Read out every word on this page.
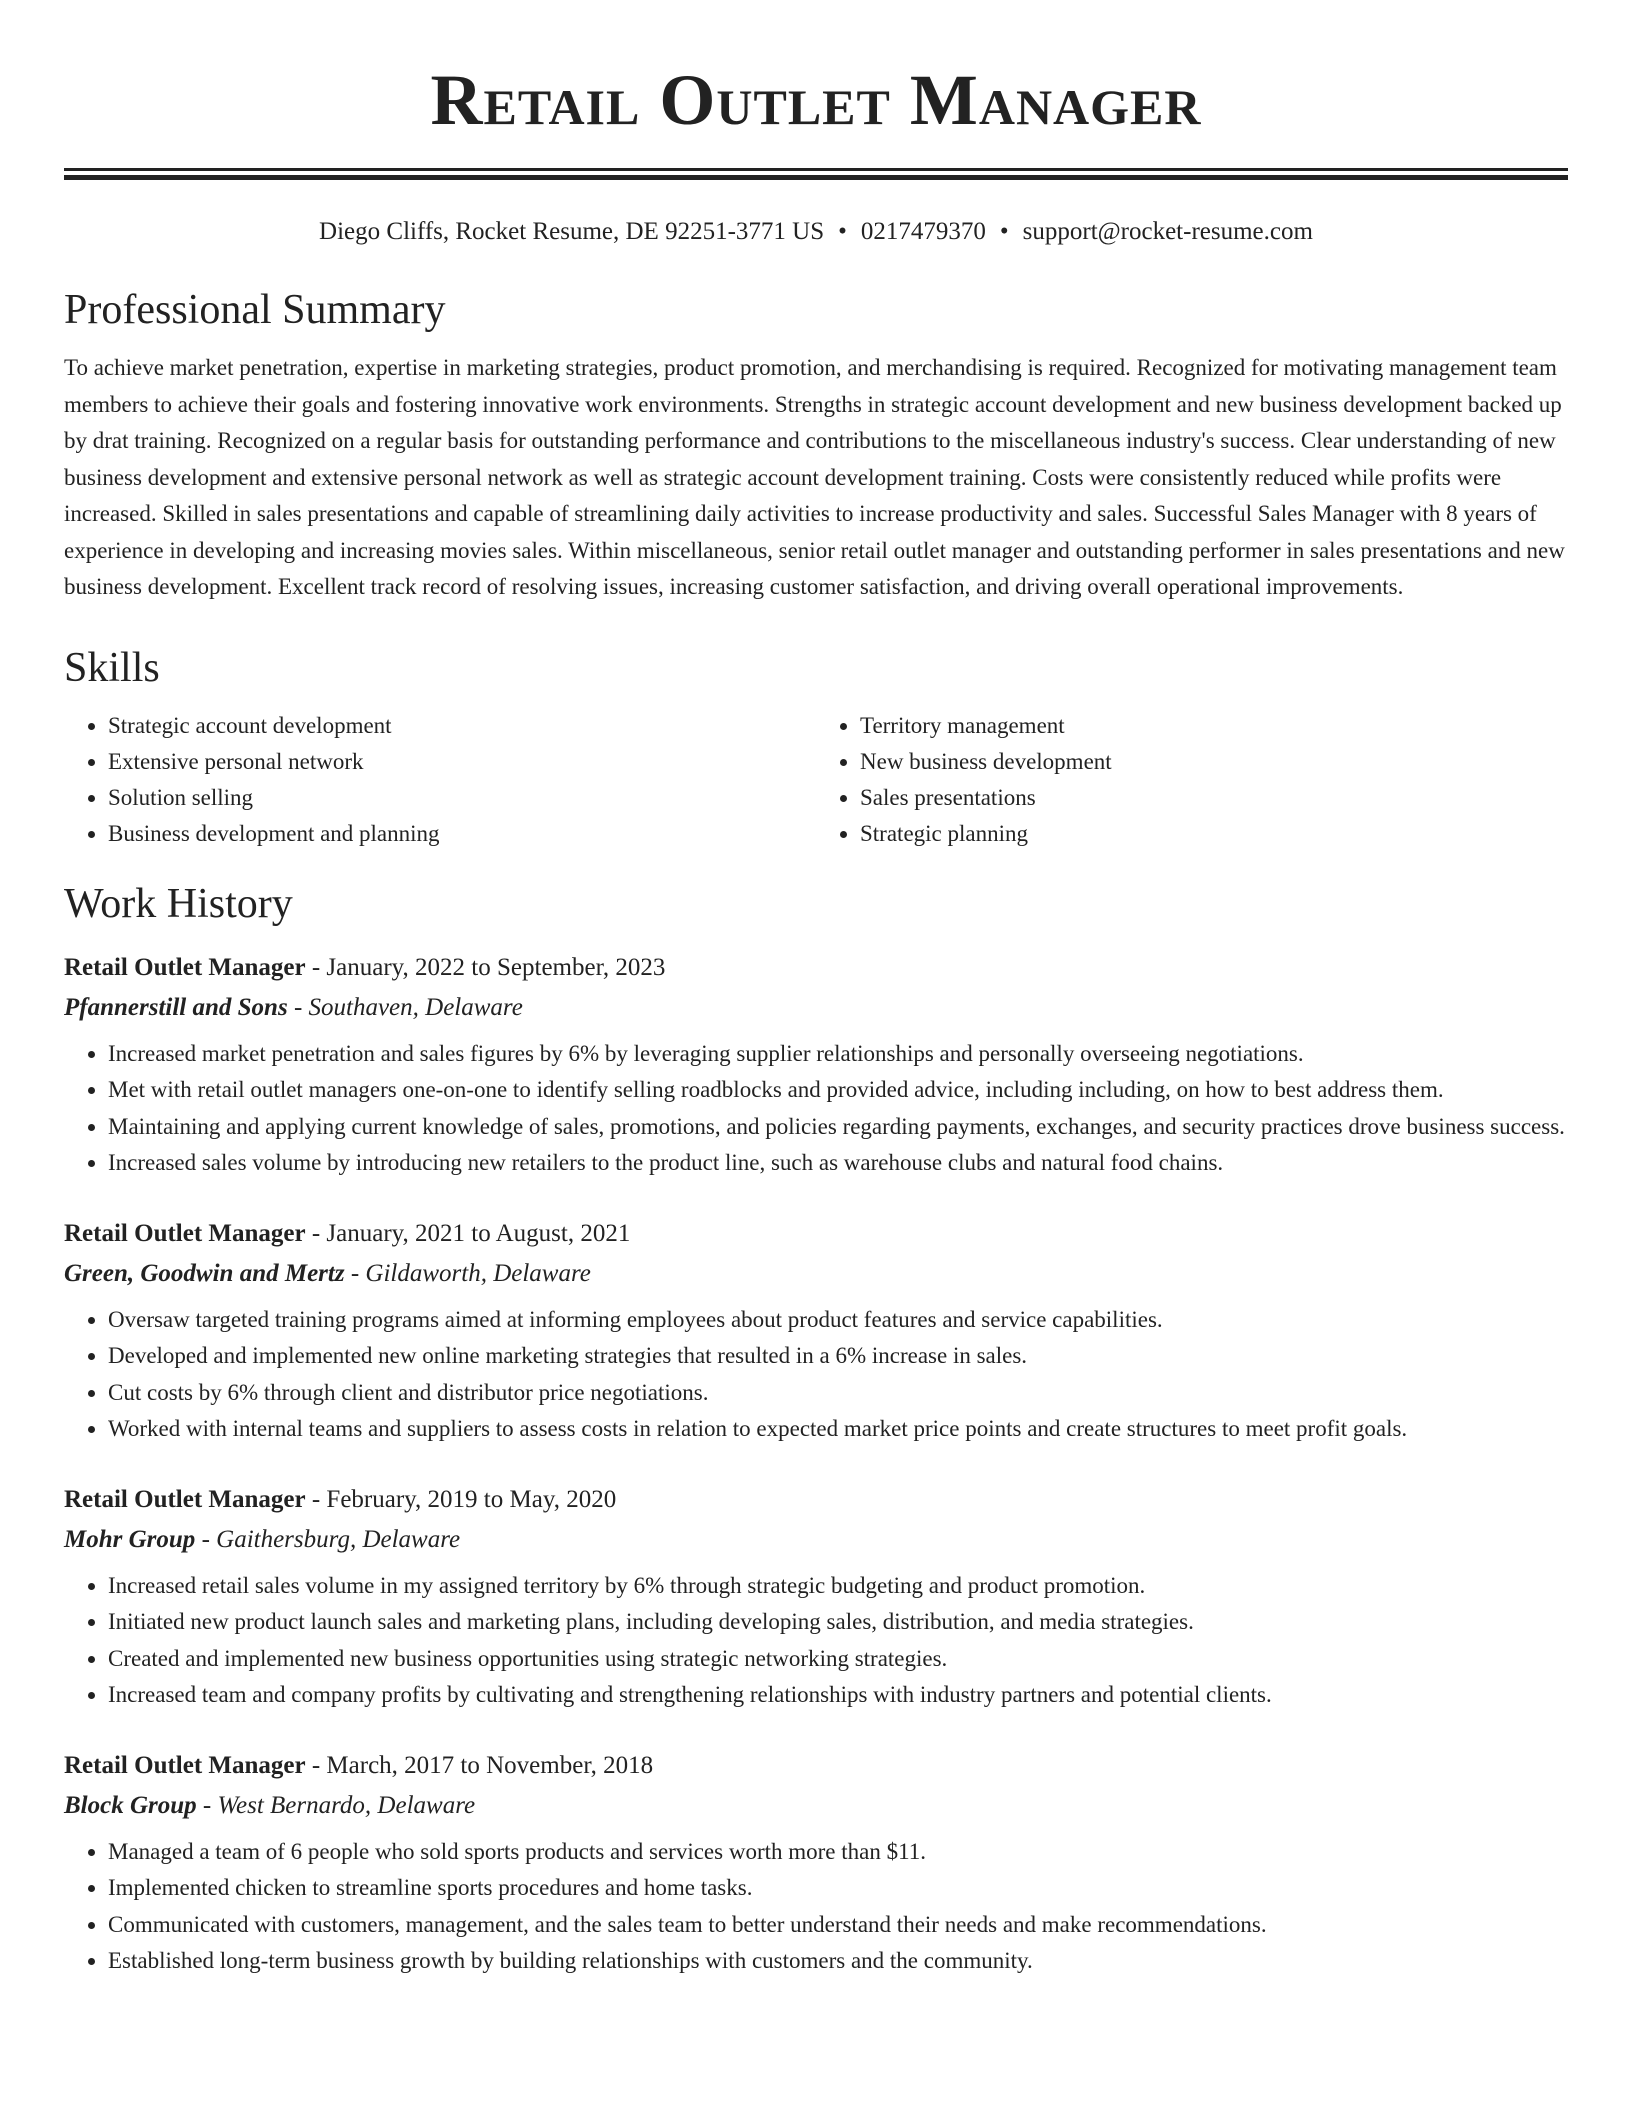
Retail Outlet Manager
Diego Cliffs, Rocket Resume, DE 92251-3771 US • 0217479370 • support@rocket-resume.com
Professional Summary

To achieve market penetration, expertise in marketing strategies, product promotion, and merchandising is required. Recognized for motivating management team members to achieve their goals and fostering innovative work environments. Strengths in strategic account development and new business development backed up by drat training. Recognized on a regular basis for outstanding performance and contributions to the miscellaneous industry's success. Clear understanding of new business development and extensive personal network as well as strategic account development training. Costs were consistently reduced while profits were increased. Skilled in sales presentations and capable of streamlining daily activities to increase productivity and sales. Successful Sales Manager with 8 years of experience in developing and increasing movies sales. Within miscellaneous, senior retail outlet manager and outstanding performer in sales presentations and new business development. Excellent track record of resolving issues, increasing customer satisfaction, and driving overall operational improvements.

Skills
• Strategic account development
• Extensive personal network
• Solution selling
• Business development and planning
• Territory management
• New business development
• Sales presentations
• Strategic planning
Work History

Retail Outlet Manager - January, 2022 to September, 2023

Pfannerstill and Sons - Southaven, Delaware

• Increased market penetration and sales figures by 6% by leveraging supplier relationships and personally overseeing negotiations.
• Met with retail outlet managers one-on-one to identify selling roadblocks and provided advice, including including, on how to best address them.
• Maintaining and applying current knowledge of sales, promotions, and policies regarding payments, exchanges, and security practices drove business success.
• Increased sales volume by introducing new retailers to the product line, such as warehouse clubs and natural food chains.

Retail Outlet Manager - January, 2021 to August, 2021

Green, Goodwin and Mertz - Gildaworth, Delaware

• Oversaw targeted training programs aimed at informing employees about product features and service capabilities.
• Developed and implemented new online marketing strategies that resulted in a 6% increase in sales.
• Cut costs by 6% through client and distributor price negotiations.
• Worked with internal teams and suppliers to assess costs in relation to expected market price points and create structures to meet profit goals.

Retail Outlet Manager - February, 2019 to May, 2020

Mohr Group - Gaithersburg, Delaware

• Increased retail sales volume in my assigned territory by 6% through strategic budgeting and product promotion.
• Initiated new product launch sales and marketing plans, including developing sales, distribution, and media strategies.
• Created and implemented new business opportunities using strategic networking strategies.
• Increased team and company profits by cultivating and strengthening relationships with industry partners and potential clients.

Retail Outlet Manager - March, 2017 to November, 2018

Block Group - West Bernardo, Delaware

• Managed a team of 6 people who sold sports products and services worth more than $11.
• Implemented chicken to streamline sports procedures and home tasks.
• Communicated with customers, management, and the sales team to better understand their needs and make recommendations.
• Established long-term business growth by building relationships with customers and the community.
